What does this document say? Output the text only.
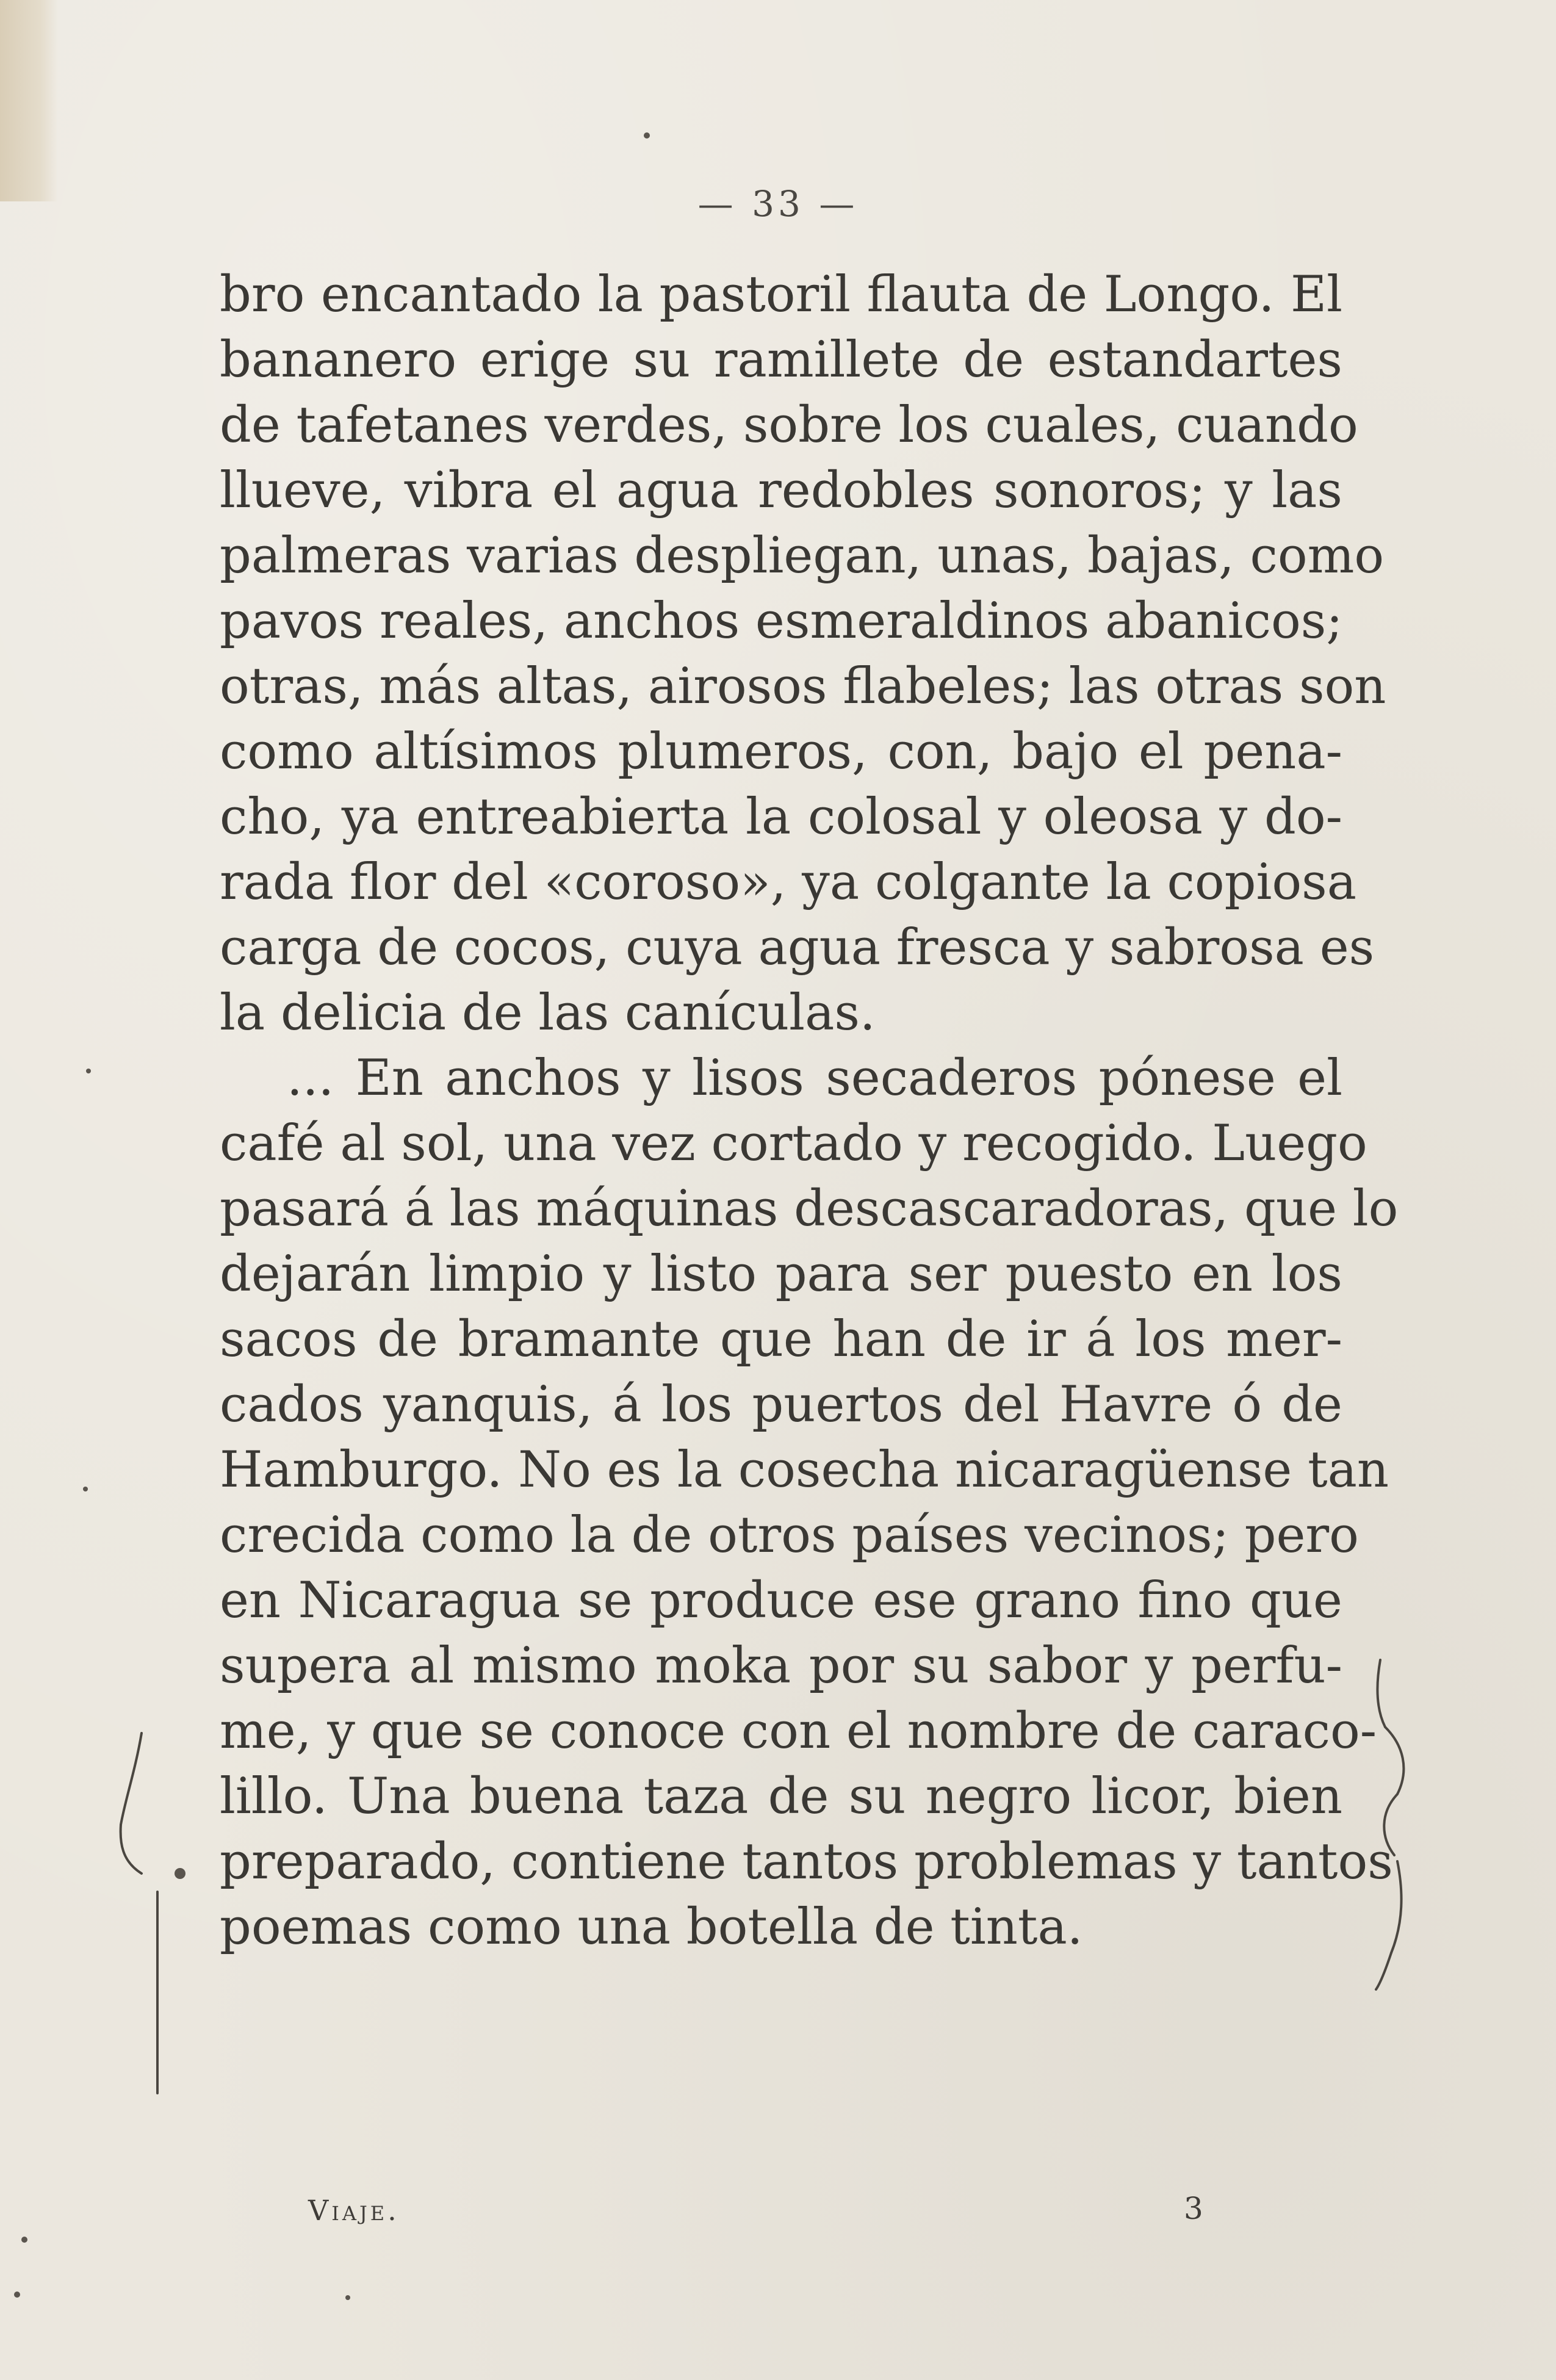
— 33 —
bro encantado la pastoril flauta de Longo. El
bananero erige su ramillete de estandartes
de tafetanes verdes, sobre los cuales, cuando
llueve, vibra el agua redobles sonoros; y las
palmeras varias despliegan, unas, bajas, como
pavos reales, anchos esmeraldinos abanicos;
otras, más altas, airosos flabeles; las otras son
como altísimos plumeros, con, bajo el pena-
cho, ya entreabierta la colosal y oleosa y do-
rada flor del «coroso», ya colgante la copiosa
carga de cocos, cuya agua fresca y sabrosa es
la delicia de las canículas.
... En anchos y lisos secaderos pónese el
café al sol, una vez cortado y recogido. Luego
pasará á las máquinas descascaradoras, que lo
dejarán limpio y listo para ser puesto en los
sacos de bramante que han de ir á los mer-
cados yanquis, á los puertos del Havre ó de
Hamburgo. No es la cosecha nicaragüense tan
crecida como la de otros países vecinos; pero
en Nicaragua se produce ese grano fino que
supera al mismo moka por su sabor y perfu-
me, y que se conoce con el nombre de caraco-
lillo. Una buena taza de su negro licor, bien
preparado, contiene tantos problemas y tantos
poemas como una botella de tinta.
Viaje.	3
